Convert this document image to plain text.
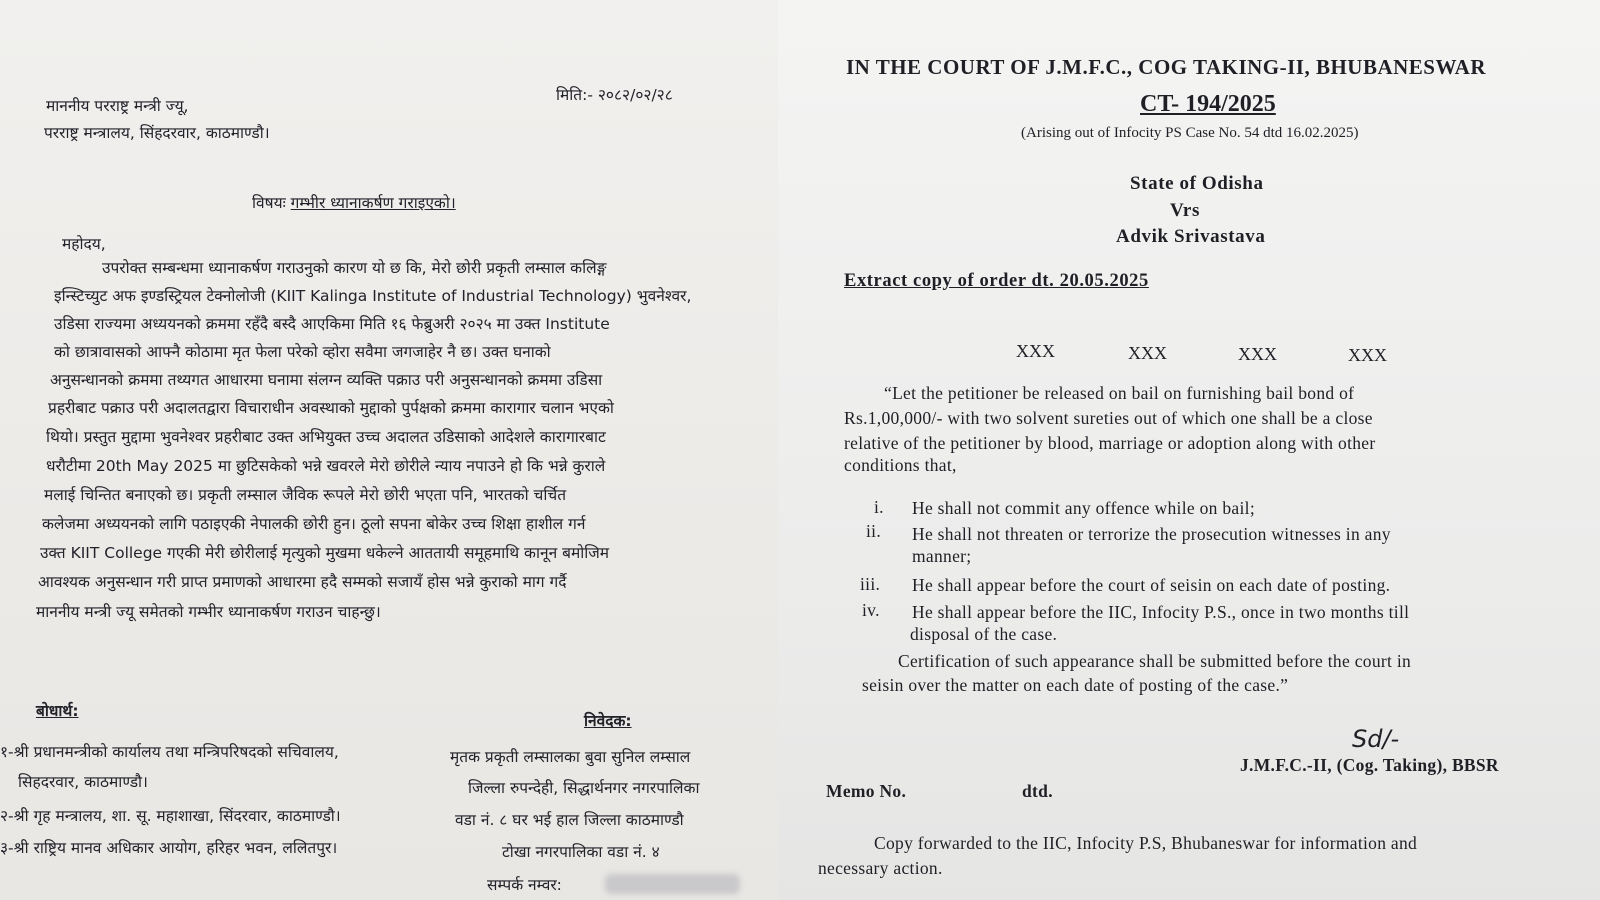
मिति:- २०८२/०२/२८
माननीय परराष्ट्र मन्त्री ज्यू,
परराष्ट्र मन्त्रालय, सिंहदरवार, काठमाण्डौ।
विषयः गम्भीर ध्यानाकर्षण गराइएको।
महोदय,
उपरोक्त सम्बन्धमा ध्यानाकर्षण गराउनुको कारण यो छ कि, मेरो छोरी प्रकृती लम्साल कलिङ्ग
इन्स्टिच्युट अफ इण्डस्ट्रियल टेक्नोलोजी (KIIT Kalinga Institute of Industrial Technology) भुवनेश्वर,
उडिसा राज्यमा अध्ययनको क्रममा रहँदै बस्दै आएकिमा मिति १६ फेब्रुअरी २०२५ मा उक्त Institute
को छात्रावासको आफ्नै कोठामा मृत फेला परेको व्होरा सवैमा जगजाहेर नै छ। उक्त घनाको
अनुसन्धानको क्रममा तथ्यगत आधारमा घनामा संलग्न व्यक्ति पक्राउ परी अनुसन्धानको क्रममा उडिसा
प्रहरीबाट पक्राउ परी अदालतद्वारा विचाराधीन अवस्थाको मुद्दाको पुर्पक्षको क्रममा कारागार चलान भएको
थियो। प्रस्तुत मुद्दामा भुवनेश्वर प्रहरीबाट उक्त अभियुक्त उच्च अदालत उडिसाको आदेशले कारागारबाट
धरौटीमा 20th May 2025 मा छुटिसकेको भन्ने खवरले मेरो छोरीले न्याय नपाउने हो कि भन्ने कुराले
मलाई चिन्तित बनाएको छ। प्रकृती लम्साल जैविक रूपले मेरो छोरी भएता पनि, भारतको चर्चित
कलेजमा अध्ययनको लागि पठाइएकी नेपालकी छोरी हुन। ठूलो सपना बोकेर उच्च शिक्षा हाशील गर्न
उक्त KIIT College गएकी मेरी छोरीलाई मृत्युको मुखमा धकेल्ने आततायी समूहमाथि कानून बमोजिम
आवश्यक अनुसन्धान गरी प्राप्त प्रमाणको आधारमा हदै सम्मको सजायँ होस भन्ने कुराको माग गर्दै
माननीय मन्त्री ज्यू समेतको गम्भीर ध्यानाकर्षण गराउन चाहन्छु।
बोधार्थ:
निवेदक:
१-श्री प्रधानमन्त्रीको कार्यालय तथा मन्त्रिपरिषदको सचिवालय,
सिहदरवार, काठमाण्डौ।
२-श्री गृह मन्त्रालय, शा. सू. महाशाखा, सिंदरवार, काठमाण्डौ।
३-श्री राष्ट्रिय मानव अधिकार आयोग, हरिहर भवन, ललितपुर।
मृतक प्रकृती लम्सालका बुवा सुनिल लम्साल
जिल्ला रुपन्देही, सिद्धार्थनगर नगरपालिका
वडा नं. ८ घर भई हाल जिल्ला काठमाण्डौ
टोखा नगरपालिका वडा नं. ४
सम्पर्क नम्वर:
IN THE COURT OF J.M.F.C., COG TAKING-II, BHUBANESWAR
CT- 194/2025
(Arising out of Infocity PS Case No. 54 dtd 16.02.2025)
State of Odisha
Vrs
Advik Srivastava
Extract copy of order dt. 20.05.2025
XXX	XXX	XXX	XXX
“Let the petitioner be released on bail on furnishing bail bond of
Rs.1,00,000/- with two solvent sureties out of which one shall be a close
relative of the petitioner by blood, marriage or adoption along with other
conditions that,
i. He shall not commit any offence while on bail;
ii. He shall not threaten or terrorize the prosecution witnesses in any
manner;
iii. He shall appear before the court of seisin on each date of posting.
iv. He shall appear before the IIC, Infocity P.S., once in two months till
disposal of the case.
Certification of such appearance shall be submitted before the court in
seisin over the matter on each date of posting of the case.”
Sd/-
J.M.F.C.-II, (Cog. Taking), BBSR
Memo No.	dtd.
Copy forwarded to the IIC, Infocity P.S, Bhubaneswar for information and
necessary action.
